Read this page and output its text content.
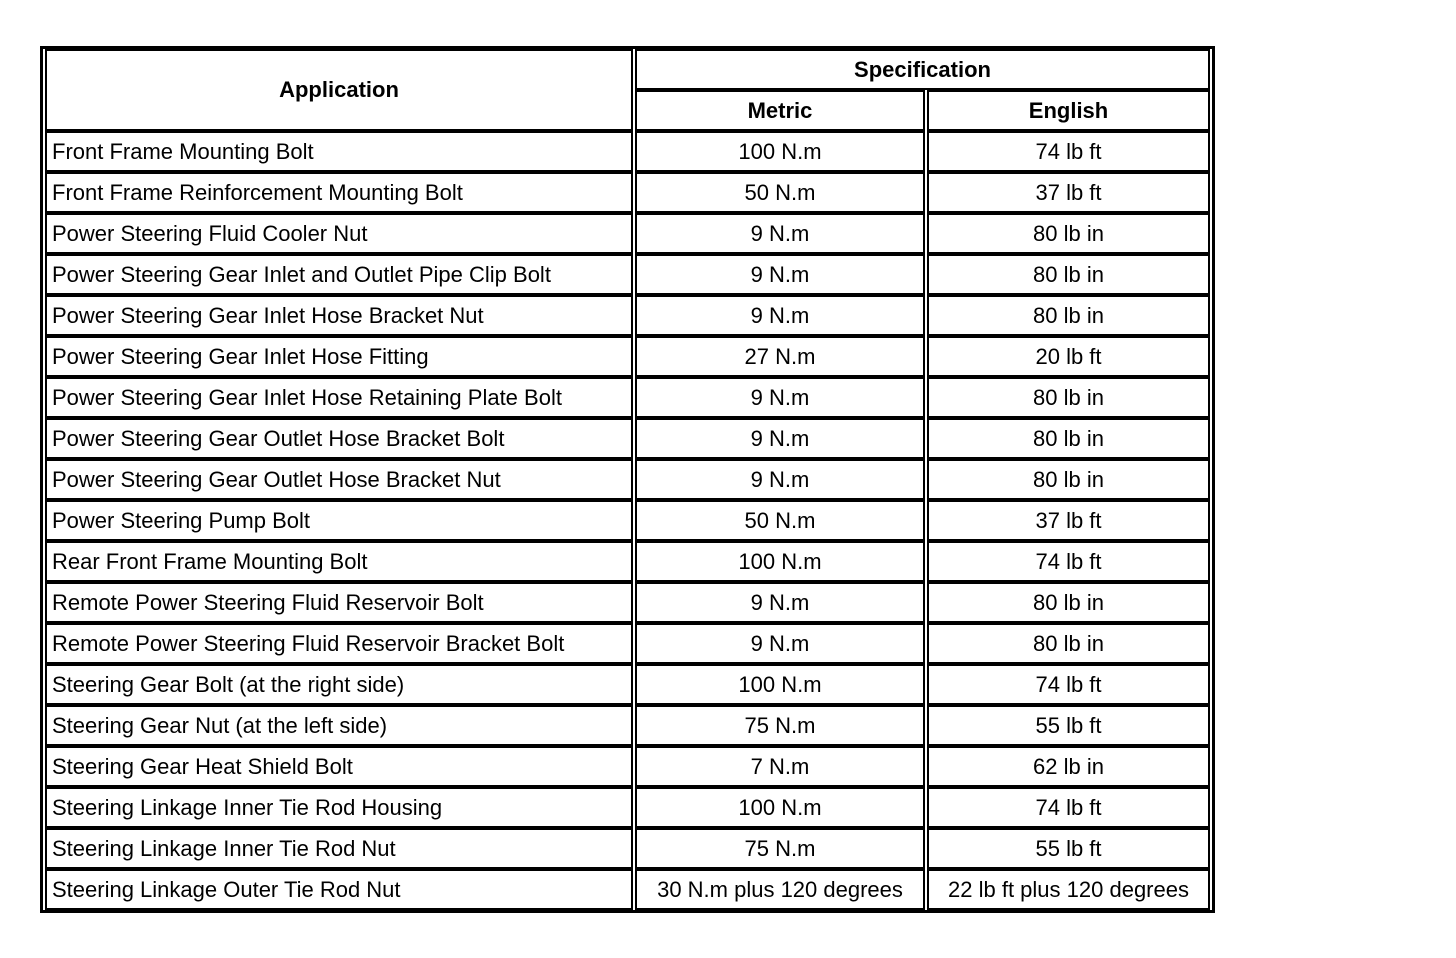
Application	Specification	
	Metric	English
Front Frame Mounting Bolt	100 N.m	74 lb ft
Front Frame Reinforcement Mounting Bolt	50 N.m	37 lb ft
Power Steering Fluid Cooler Nut	9 N.m	80 lb in
Power Steering Gear Inlet and Outlet Pipe Clip Bolt	9 N.m	80 lb in
Power Steering Gear Inlet Hose Bracket Nut	9 N.m	80 lb in
Power Steering Gear Inlet Hose Fitting	27 N.m	20 lb ft
Power Steering Gear Inlet Hose Retaining Plate Bolt	9 N.m	80 lb in
Power Steering Gear Outlet Hose Bracket Bolt	9 N.m	80 lb in
Power Steering Gear Outlet Hose Bracket Nut	9 N.m	80 lb in
Power Steering Pump Bolt	50 N.m	37 lb ft
Rear Front Frame Mounting Bolt	100 N.m	74 lb ft
Remote Power Steering Fluid Reservoir Bolt	9 N.m	80 lb in
Remote Power Steering Fluid Reservoir Bracket Bolt	9 N.m	80 lb in
Steering Gear Bolt (at the right side)	100 N.m	74 lb ft
Steering Gear Nut (at the left side)	75 N.m	55 lb ft
Steering Gear Heat Shield Bolt	7 N.m	62 lb in
Steering Linkage Inner Tie Rod Housing	100 N.m	74 lb ft
Steering Linkage Inner Tie Rod Nut	75 N.m	55 lb ft
Steering Linkage Outer Tie Rod Nut	30 N.m plus 120 degrees	22 lb ft plus 120 degrees
